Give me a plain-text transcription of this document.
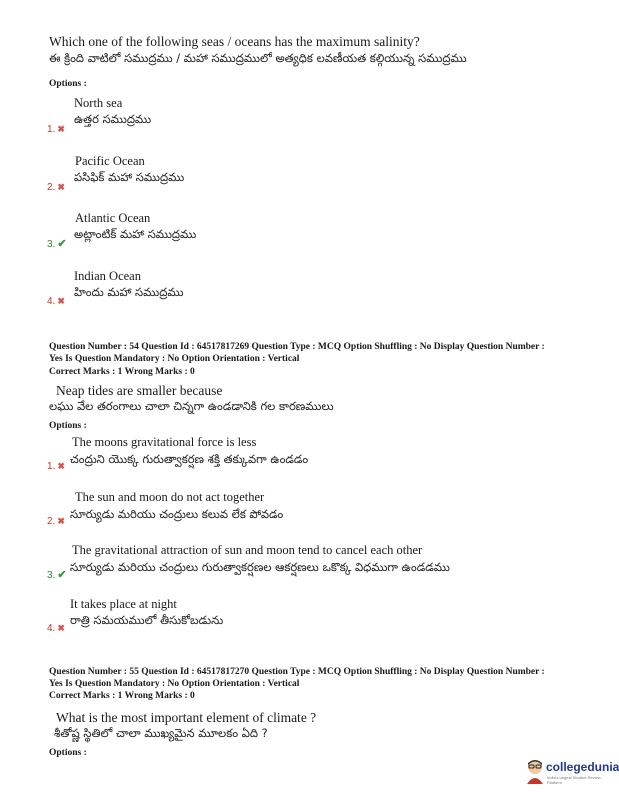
Which one of the following seas / oceans has the maximum salinity?
ఈ క్రింది వాటిలో సముద్రము / మహా సముద్రములో అత్యధిక లవణీయత కల్గియున్న సముద్రము
Options :
North sea
ఉత్తర సముద్రము
1. ✖
Pacific Ocean
పసిఫిక్ మహా సముద్రము
2. ✖
Atlantic Ocean
అట్లాంటిక్ మహా సముద్రము
3. ✔
Indian Ocean
హిందు మహా సముద్రము
4. ✖
Question Number : 54 Question Id : 64517817269 Question Type : MCQ Option Shuffling : No Display Question Number :
Yes Is Question Mandatory : No Option Orientation : Vertical
Correct Marks : 1 Wrong Marks : 0
Neap tides are smaller because
లఘు వేల తరంగాలు చాలా చిన్నగా ఉండడానికి గల కారణములు
Options :
The moons gravitational force is less
చంద్రుని యొక్క గురుత్వాకర్షణ శక్తి తక్కువగా ఉండడం
1. ✖
The sun and moon do not act together
సూర్యుడు మరియు చంద్రులు కలువ లేక పోవడం
2. ✖
The gravitational attraction of sun and moon tend to cancel each other
సూర్యుడు మరియు చంద్రులు గురుత్వాకర్షణల ఆకర్షణలు ఒకొక్క విధముగా ఉండడము
3. ✔
It takes place at night
రాత్రి సమయములో తీసుకోబడును
4. ✖
Question Number : 55 Question Id : 64517817270 Question Type : MCQ Option Shuffling : No Display Question Number :
Yes Is Question Mandatory : No Option Orientation : Vertical
Correct Marks : 1 Wrong Marks : 0
What is the most important element of climate ?
శీతోష్ణ స్థితిలో చాలా ముఖ్యమైన మూలకం ఏది ?
Options :
collegedunia
India's largest Student Review Platform
